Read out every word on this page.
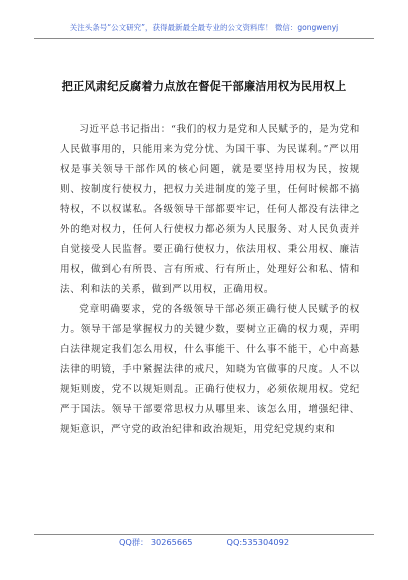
关注头条号“公文研究”，获得最新最全最专业的公文资料库！ 微信：gongwenyj
把正风肃纪反腐着力点放在督促干部廉洁用权为民用权上

习近平总书记指出：“我们的权力是党和人民赋予的，是为党和人民做事用的，只能用来为党分忧、为国干事、为民谋利。”严以用权是事关领导干部作风的核心问题，就是要坚持用权为民，按规则、按制度行使权力，把权力关进制度的笼子里，任何时候都不搞特权，不以权谋私。各级领导干部都要牢记，任何人都没有法律之外的绝对权力，任何人行使权力都必须为人民服务、对人民负责并自觉接受人民监督。要正确行使权力，依法用权、秉公用权、廉洁用权，做到心有所畏、言有所戒、行有所止，处理好公和私、情和法、利和法的关系，做到严以用权，正确用权。

党章明确要求，党的各级领导干部必须正确行使人民赋予的权力。领导干部是掌握权力的关键少数，要树立正确的权力观，弄明白法律规定我们怎么用权，什么事能干、什么事不能干，心中高悬法律的明镜，手中紧握法律的戒尺，知晓为官做事的尺度。人不以规矩则废，党不以规矩则乱。正确行使权力，必须依规用权。党纪严于国法。领导干部要常思权力从哪里来、该怎么用，增强纪律、规矩意识，严守党的政治纪律和政治规矩，用党纪党规约束和

QQ群： 30265665	QQ:535304092
